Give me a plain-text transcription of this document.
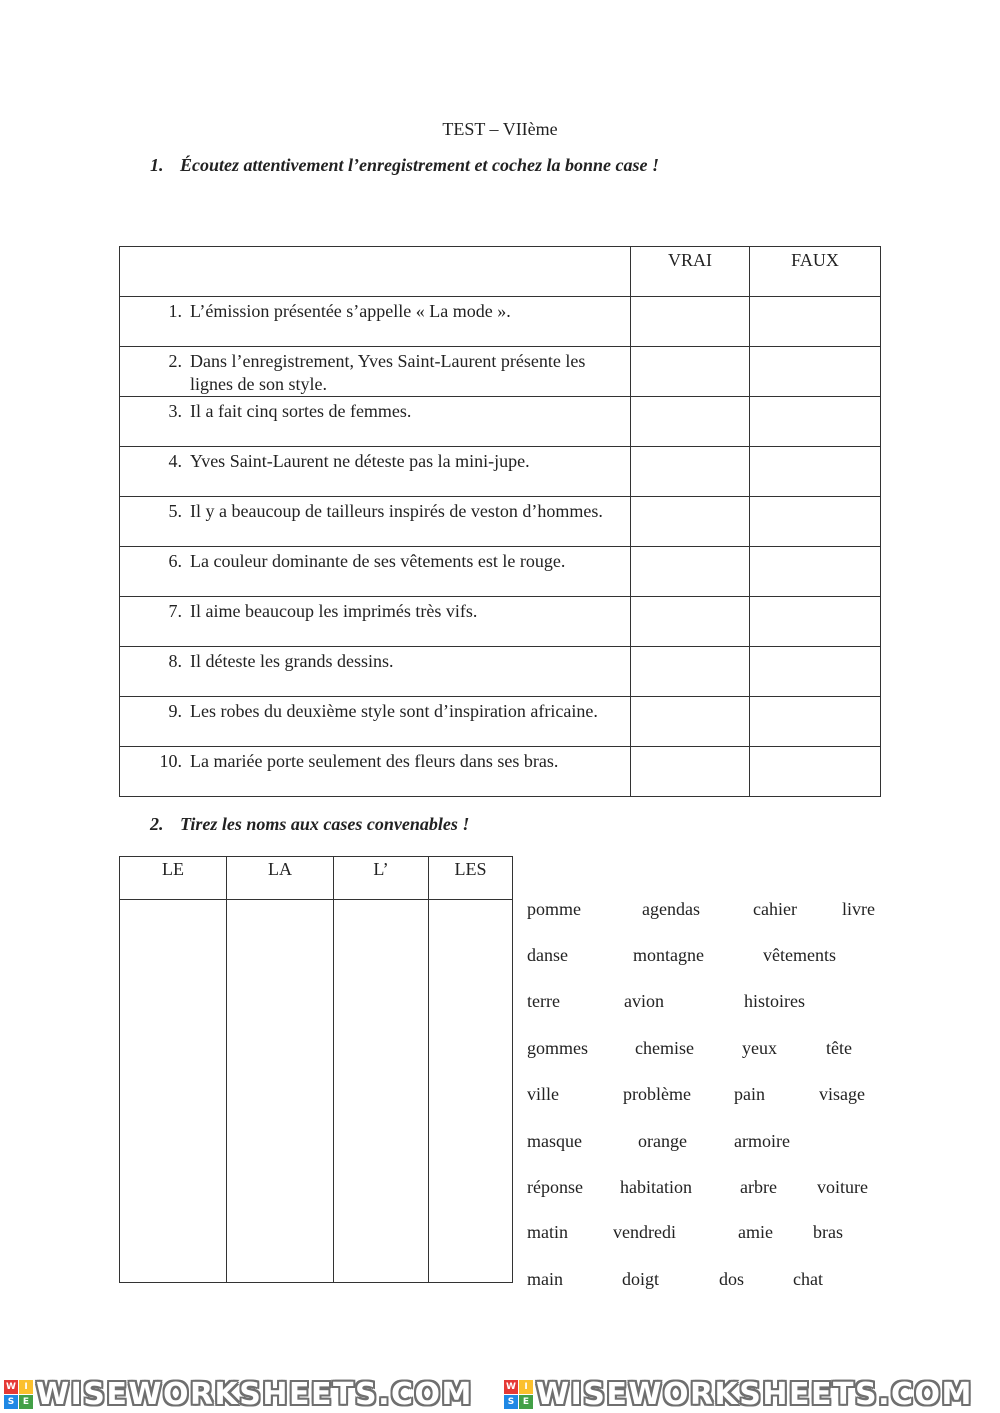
TEST – VIIème
1. Écoutez attentivement l’enregistrement et cochez la bonne case !
	VRAI	FAUX

1. L’émission présentée s’appelle « La mode ».		

2. Dans l’enregistrement, Yves Saint-Laurent présente les lignes de son style.		

3. Il a fait cinq sortes de femmes.		

4. Yves Saint-Laurent ne déteste pas la mini-jupe.		

5. Il y a beaucoup de tailleurs inspirés de veston d’hommes.		

6. La couleur dominante de ses vêtements est le rouge.		

7. Il aime beaucoup les imprimés très vifs.		

8. Il déteste les grands dessins.		

9. Les robes du deuxième style sont d’inspiration africaine.		

10. La mariée porte seulement des fleurs dans ses bras.		

2. Tirez les noms aux cases convenables !
LE	LA	L’	LES

pomme	agendas	cahier	livre
danse	montagne	vêtements
terre	avion	histoires
gommes	chemise	yeux	tête
ville	problème pain	visage
masque	orange	armoire
réponse habitation	arbre voiture
matin	vendredi	amie bras
main	doigt	dos	chat
W I
S E WISEWORKSHEETS.COM	W I
S E WISEWORKSHEETS.COM
